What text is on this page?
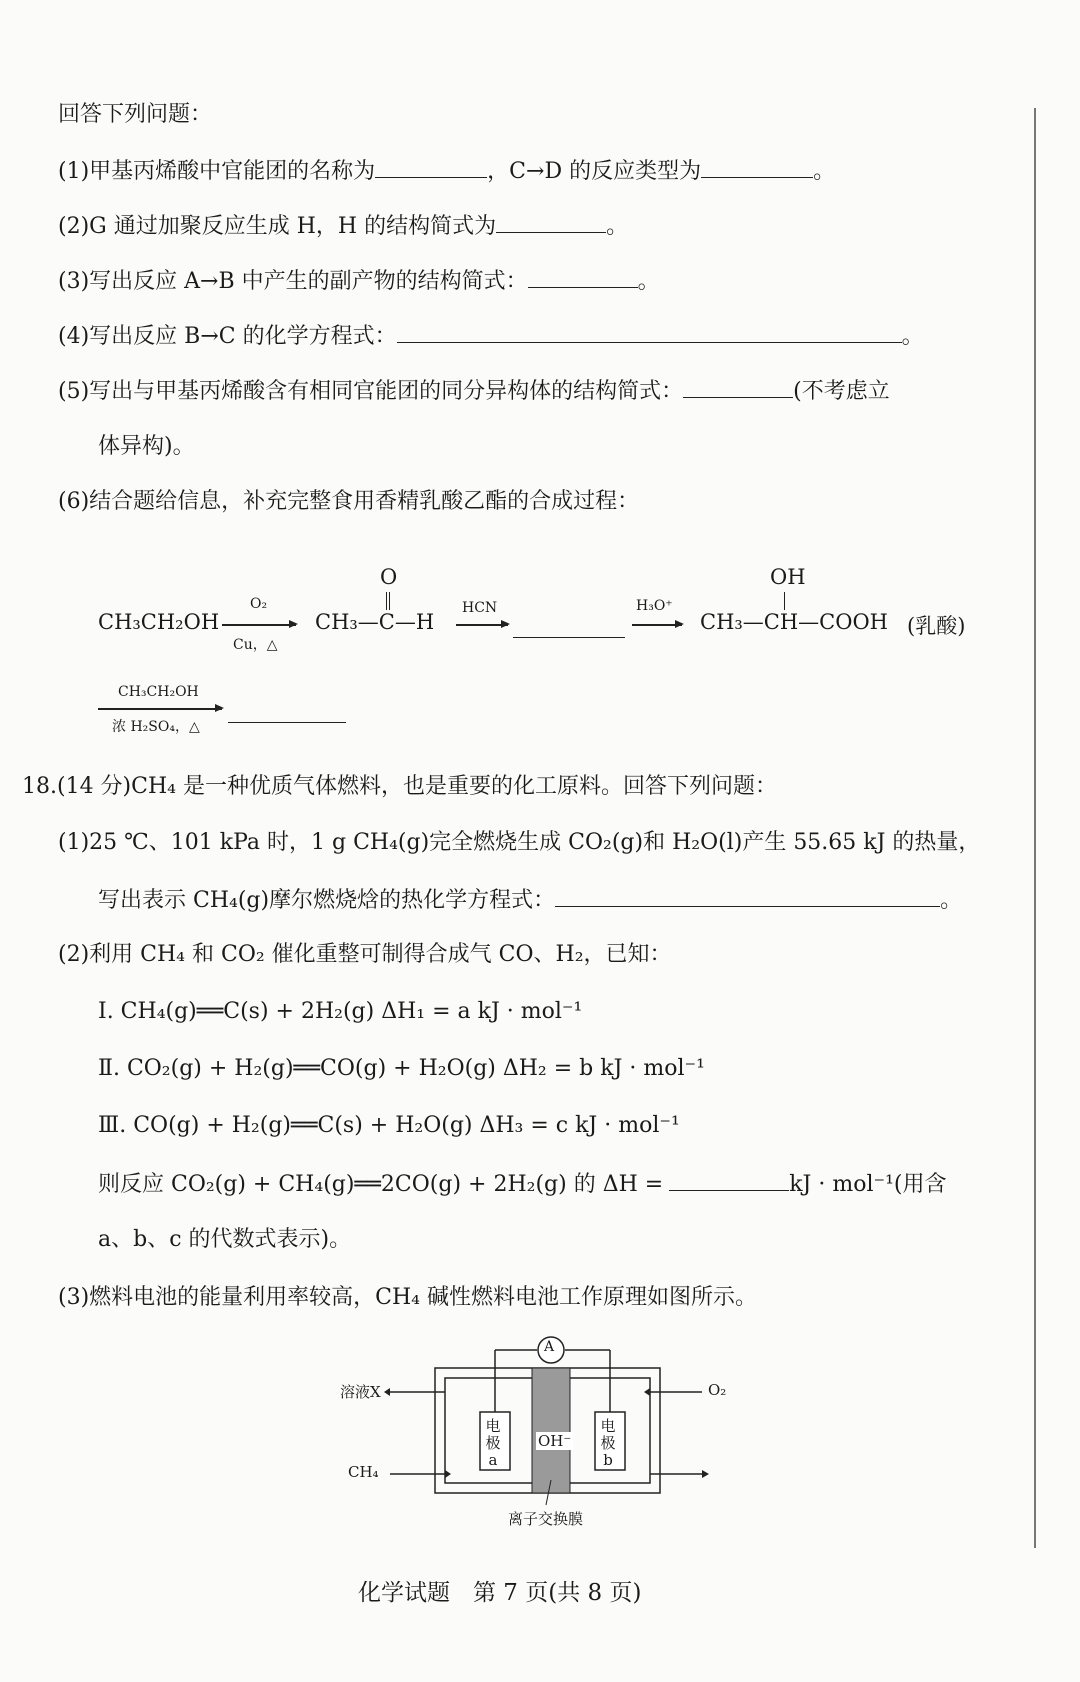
回答下列问题：
(1)甲基丙烯酸中官能团的名称为	，C→D 的反应类型为	。
(2)G 通过加聚反应生成 H，H 的结构简式为	。
(3)写出反应 A→B 中产生的副产物的结构简式：	。
(4)写出反应 B→C 的化学方程式：	。
(5)写出与甲基丙烯酸含有相同官能团的同分异构体的结构简式：	(不考虑立
体异构)。
(6)结合题给信息，补充完整食用香精乳酸乙酯的合成过程：
CH₃CH₂OH
O₂
Cu，△
O
CH₃—C—H
HCN	H₃O⁺
OH
CH₃—CH—COOH (乳酸)
CH₃CH₂OH
浓 H₂SO₄，△
18.(14 分)CH₄ 是一种优质气体燃料，也是重要的化工原料。回答下列问题：
(1)25 ℃、101 kPa 时，1 g CH₄(g)完全燃烧生成 CO₂(g)和 H₂O(l)产生 55.65 kJ 的热量，
写出表示 CH₄(g)摩尔燃烧焓的热化学方程式：	。
(2)利用 CH₄ 和 CO₂ 催化重整可制得合成气 CO、H₂，已知：
Ⅰ. CH₄(g)══C(s) + 2H₂(g) ΔH₁ = a kJ · mol⁻¹
Ⅱ. CO₂(g) + H₂(g)══CO(g) + H₂O(g) ΔH₂ = b kJ · mol⁻¹
Ⅲ. CO(g) + H₂(g)══C(s) + H₂O(g) ΔH₃ = c kJ · mol⁻¹
则反应 CO₂(g) + CH₄(g)══2CO(g) + 2H₂(g) 的 ΔH =	kJ · mol⁻¹(用含
a、b、c 的代数式表示)。
(3)燃料电池的能量利用率较高，CH₄ 碱性燃料电池工作原理如图所示。
A
溶液X
CH₄
O₂
电
极
a
电
极
b
OH⁻
离子交换膜
化学试题　第 7 页(共 8 页)
